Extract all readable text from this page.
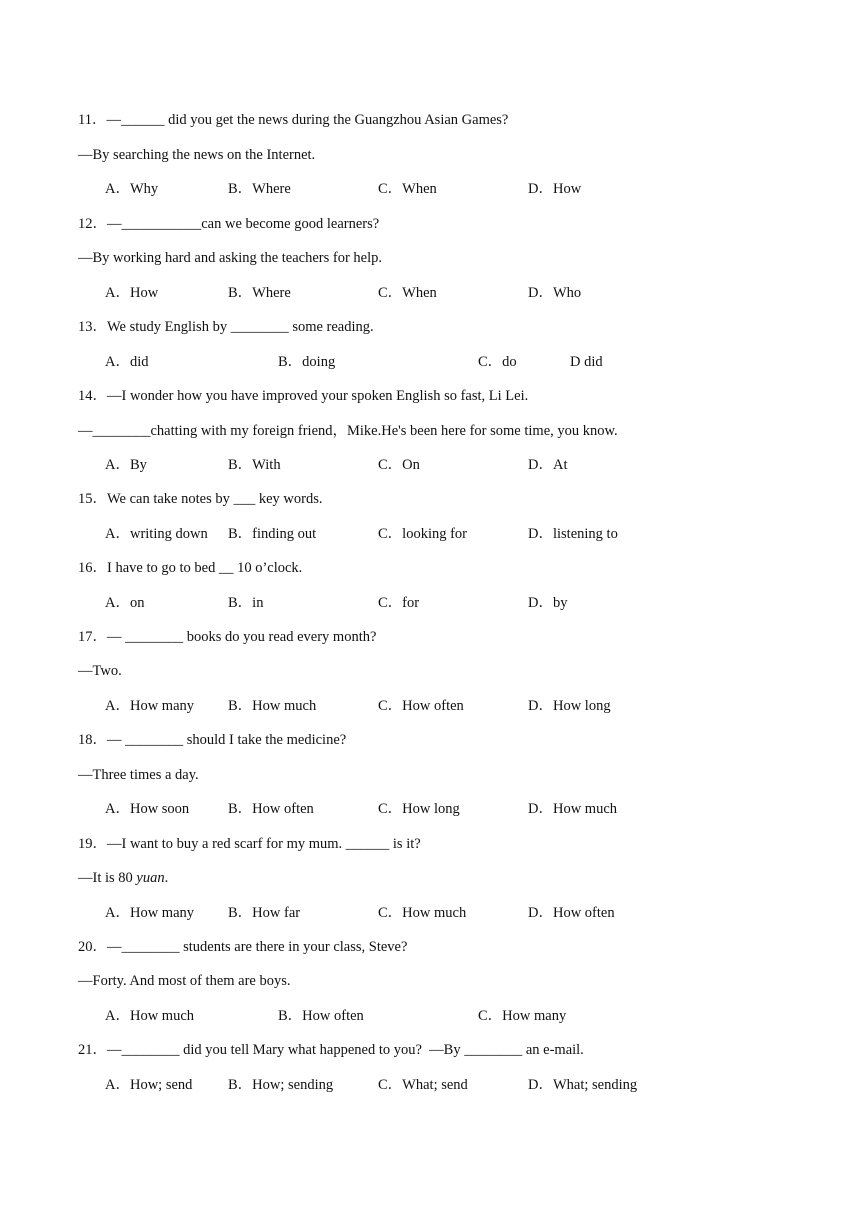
11．—______ did you get the news during the Guangzhou Asian Games?
—By searching the news on the Internet.
A．Why	B．Where	C．When	D．How
12．—___________can we become good learners?
—By working hard and asking the teachers for help.
A．How	B．Where	C．When	D．Who
13．We study English by ________ some reading.
A．did	B．doing	C．do	D did
14．—I wonder how you have improved your spoken English so fast, Li Lei.
—________chatting with my foreign friend，Mike.He's been here for some time, you know.
A．By	B．With	C．On	D．At
15．We can take notes by ___ key words.
A．writing down B．finding out	C．looking for	D．listening to
16．I have to go to bed __ 10 o’clock.
A．on	B．in	C．for	D．by
17．— ________ books do you read every month?
—Two.
A．How many B．How much	C．How often	D．How long
18．— ________ should I take the medicine?
—Three times a day.
A．How soon	B．How often	C．How long	D．How much
19．—I want to buy a red scarf for my mum. ______ is it?
—It is 80 yuan.
A．How many B．How far	C．How much	D．How often
20．—________ students are there in your class, Steve?
—Forty. And most of them are boys.
A．How much	B．How often	C．How many
21．—________ did you tell Mary what happened to you?  —By ________ an e-mail.
A．How; send B．How; sending	C．What; send	D．What; sending
